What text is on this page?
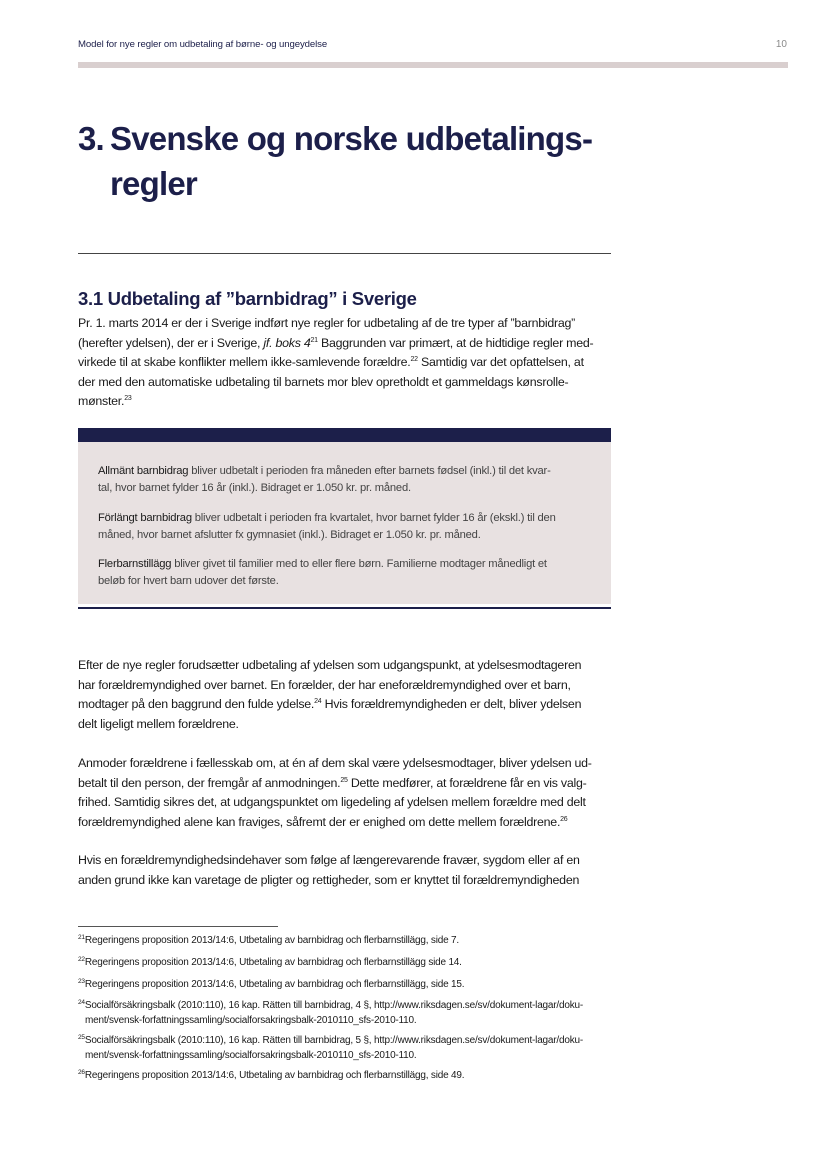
Model for nye regler om udbetaling af børne- og ungeydelse	10
3. Svenske og norske udbetalings-
regler
3.1 Udbetaling af ”barnbidrag” i Sverige

Pr. 1. marts 2014 er der i Sverige indført nye regler for udbetaling af de tre typer af ”barnbidrag”
(herefter ydelsen), der er i Sverige, jf. boks $4^{21}$ Baggrunden var primært, at de hidtidige regler med-
virkede til at skabe konflikter mellem ikke-samlevende forældre.$^{22}$ Samtidig var det opfattelsen, at
der med den automatiske udbetaling til barnets mor blev opretholdt et gammeldags kønsrolle-
mønster.$^{23}$

Allmänt barnbidrag bliver udbetalt i perioden fra måneden efter barnets fødsel (inkl.) til det kvar-
tal, hvor barnet fylder 16 år (inkl.). Bidraget er 1.050 kr. pr. måned.

Förlängt barnbidrag bliver udbetalt i perioden fra kvartalet, hvor barnet fylder 16 år (ekskl.) til den
måned, hvor barnet afslutter fx gymnasiet (inkl.). Bidraget er 1.050 kr. pr. måned.

Flerbarnstillägg bliver givet til familier med to eller flere børn. Familierne modtager månedligt et
beløb for hvert barn udover det første.

Efter de nye regler forudsætter udbetaling af ydelsen som udgangspunkt, at ydelsesmodtageren
har forældremyndighed over barnet. En forælder, der har eneforældremyndighed over et barn,
modtager på den baggrund den fulde ydelse.$^{24}$ Hvis forældremyndigheden er delt, bliver ydelsen
delt ligeligt mellem forældrene.

Anmoder forældrene i fællesskab om, at én af dem skal være ydelsesmodtager, bliver ydelsen ud-
betalt til den person, der fremgår af anmodningen.$^{25}$ Dette medfører, at forældrene får en vis valg-
frihed. Samtidig sikres det, at udgangspunktet om ligedeling af ydelsen mellem forældre med delt
forældremyndighed alene kan fraviges, såfremt der er enighed om dette mellem forældrene.$^{26}$

Hvis en forældremyndighedsindehaver som følge af længerevarende fravær, sygdom eller af en
anden grund ikke kan varetage de pligter og rettigheder, som er knyttet til forældremyndigheden

$^{21}$Regeringens proposition 2013/14:6, Utbetaling av barnbidrag och flerbarnstillägg, side 7.

$^{22}$Regeringens proposition 2013/14:6, Utbetaling av barnbidrag och flerbarnstillägg side 14.

$^{23}$Regeringens proposition 2013/14:6, Utbetaling av barnbidrag och flerbarnstillägg, side 15.

$^{24}$Socialförsäkringsbalk (2010:110), 16 kap. Rätten till barnbidrag, 4 §, http://www.riksdagen.se/sv/dokument-lagar/doku-
ment/svensk-forfattningssamling/socialforsakringsbalk-2010110_sfs-2010-110.

$^{25}$Socialförsäkringsbalk (2010:110), 16 kap. Rätten till barnbidrag, 5 §, http://www.riksdagen.se/sv/dokument-lagar/doku-
ment/svensk-forfattningssamling/socialforsakringsbalk-2010110_sfs-2010-110.

$^{26}$Regeringens proposition 2013/14:6, Utbetaling av barnbidrag och flerbarnstillägg, side 49.
